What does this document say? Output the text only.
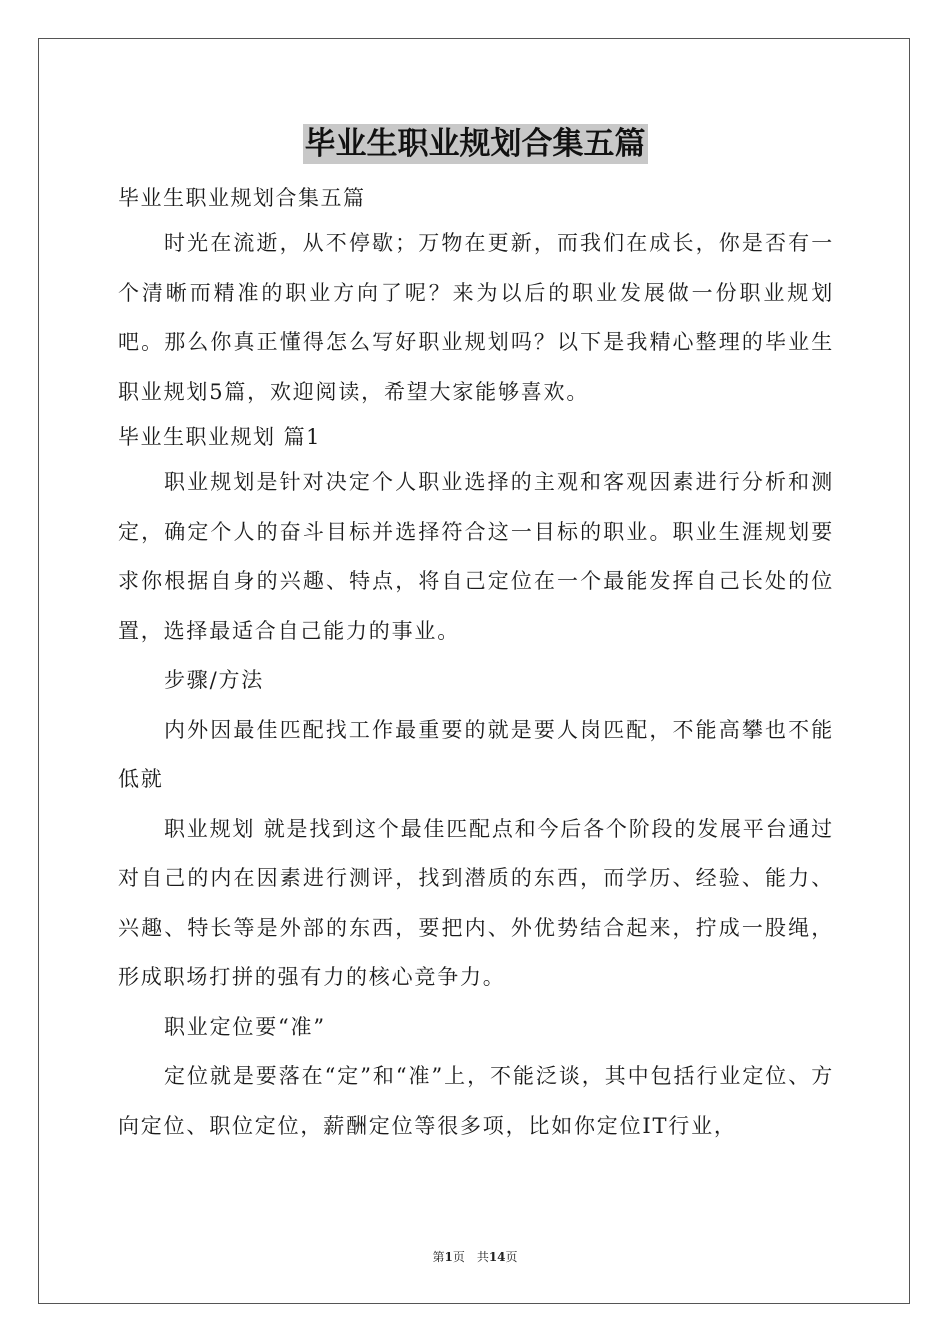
毕业生职业规划合集五篇

毕业生职业规划合集五篇

时光在流逝，从不停歇；万物在更新，而我们在成长，你是否有一个清晰而精准的职业方向了呢？来为以后的职业发展做一份职业规划吧。那么你真正懂得怎么写好职业规划吗？以下是我精心整理的毕业生职业规划5篇，欢迎阅读，希望大家能够喜欢。

毕业生职业规划 篇1

职业规划是针对决定个人职业选择的主观和客观因素进行分析和测定，确定个人的奋斗目标并选择符合这一目标的职业。职业生涯规划要求你根据自身的兴趣、特点，将自己定位在一个最能发挥自己长处的位置，选择最适合自己能力的事业。

步骤/方法

内外因最佳匹配找工作最重要的就是要人岗匹配，不能高攀也不能低就

职业规划 就是找到这个最佳匹配点和今后各个阶段的发展平台通过对自己的内在因素进行测评，找到潜质的东西，而学历、经验、能力、兴趣、特长等是外部的东西，要把内、外优势结合起来，拧成一股绳，形成职场打拼的强有力的核心竞争力。

职业定位要“准”

定位就是要落在“定”和“准”上，不能泛谈，其中包括行业定位、方向定位、职位定位，薪酬定位等很多项，比如你定位IT行业，

第1页　共14页
